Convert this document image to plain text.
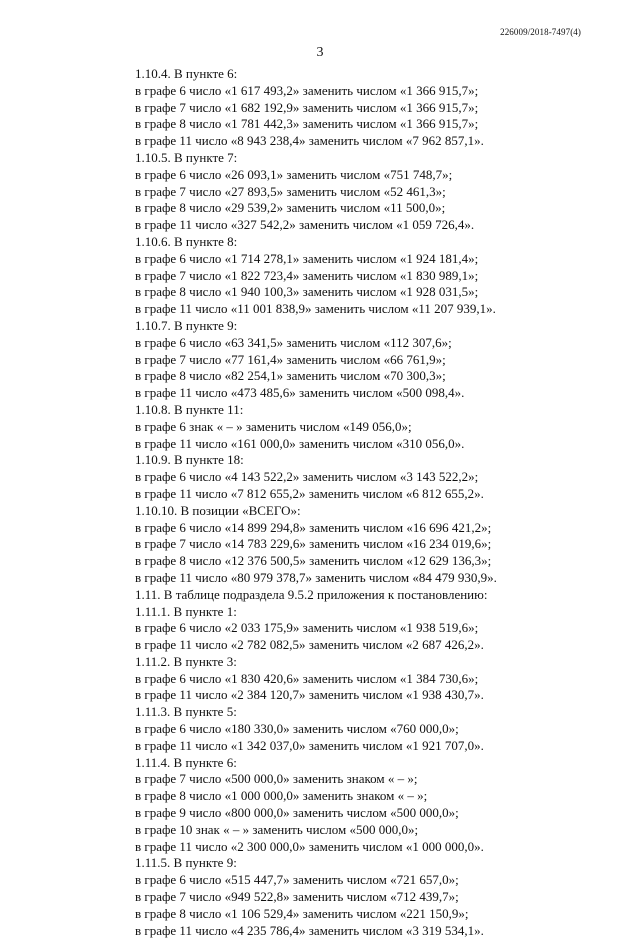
226009/2018-7497(4)
3
1.10.4. В пункте 6:
в графе 6 число «1 617 493,2» заменить числом «1 366 915,7»;
в графе 7 число «1 682 192,9» заменить числом «1 366 915,7»;
в графе 8 число «1 781 442,3» заменить числом «1 366 915,7»;
в графе 11 число «8 943 238,4» заменить числом «7 962 857,1».
1.10.5. В пункте 7:
в графе 6 число «26 093,1» заменить числом «751 748,7»;
в графе 7 число «27 893,5» заменить числом «52 461,3»;
в графе 8 число «29 539,2» заменить числом «11 500,0»;
в графе 11 число «327 542,2» заменить числом «1 059 726,4».
1.10.6. В пункте 8:
в графе 6 число «1 714 278,1» заменить числом «1 924 181,4»;
в графе 7 число «1 822 723,4» заменить числом «1 830 989,1»;
в графе 8 число «1 940 100,3» заменить числом «1 928 031,5»;
в графе 11 число «11 001 838,9» заменить числом «11 207 939,1».
1.10.7. В пункте 9:
в графе 6 число «63 341,5» заменить числом «112 307,6»;
в графе 7 число «77 161,4» заменить числом «66 761,9»;
в графе 8 число «82 254,1» заменить числом «70 300,3»;
в графе 11 число «473 485,6» заменить числом «500 098,4».
1.10.8. В пункте 11:
в графе 6 знак « – » заменить числом «149 056,0»;
в графе 11 число «161 000,0» заменить числом «310 056,0».
1.10.9. В пункте 18:
в графе 6 число «4 143 522,2» заменить числом «3 143 522,2»;
в графе 11 число «7 812 655,2» заменить числом «6 812 655,2».
1.10.10. В позиции «ВСЕГО»:
в графе 6 число «14 899 294,8» заменить числом «16 696 421,2»;
в графе 7 число «14 783 229,6» заменить числом «16 234 019,6»;
в графе 8 число «12 376 500,5» заменить числом «12 629 136,3»;
в графе 11 число «80 979 378,7» заменить числом «84 479 930,9».
1.11. В таблице подраздела 9.5.2 приложения к постановлению:
1.11.1. В пункте 1:
в графе 6 число «2 033 175,9» заменить числом «1 938 519,6»;
в графе 11 число «2 782 082,5» заменить числом «2 687 426,2».
1.11.2. В пункте 3:
в графе 6 число «1 830 420,6» заменить числом «1 384 730,6»;
в графе 11 число «2 384 120,7» заменить числом «1 938 430,7».
1.11.3. В пункте 5:
в графе 6 число «180 330,0» заменить числом «760 000,0»;
в графе 11 число «1 342 037,0» заменить числом «1 921 707,0».
1.11.4. В пункте 6:
в графе 7 число «500 000,0» заменить знаком « – »;
в графе 8 число «1 000 000,0» заменить знаком « – »;
в графе 9 число «800 000,0» заменить числом «500 000,0»;
в графе 10 знак « – » заменить числом «500 000,0»;
в графе 11 число «2 300 000,0» заменить числом «1 000 000,0».
1.11.5. В пункте 9:
в графе 6 число «515 447,7» заменить числом «721 657,0»;
в графе 7 число «949 522,8» заменить числом «712 439,7»;
в графе 8 число «1 106 529,4» заменить числом «221 150,9»;
в графе 11 число «4 235 786,4» заменить числом «3 319 534,1».
